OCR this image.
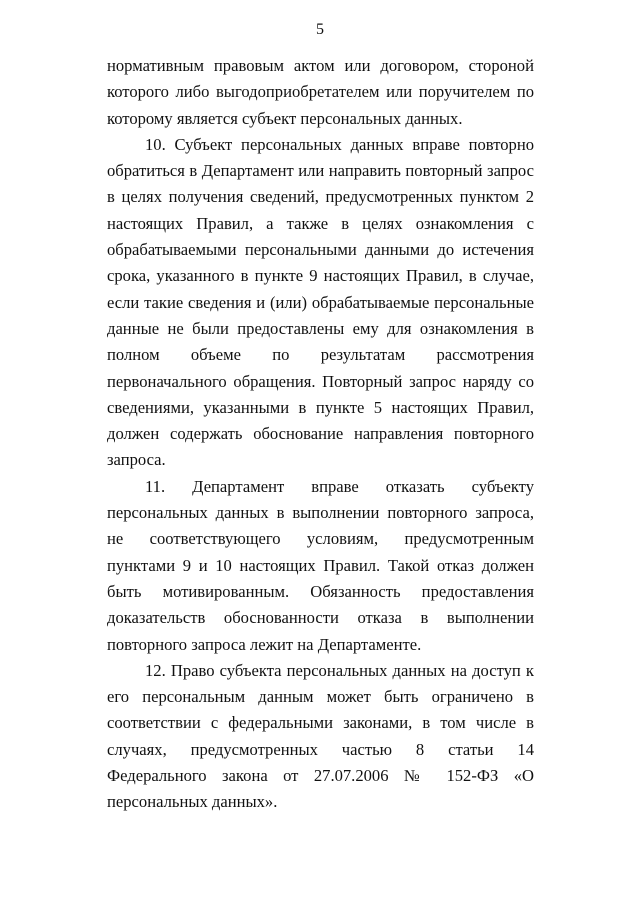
5

нормативным правовым актом или договором, стороной которого либо выгодоприобретателем или поручителем по которому является субъект персональных данных.

10. Субъект персональных данных вправе повторно обратиться в Департамент или направить повторный запрос в целях получения сведений, предусмотренных пунктом 2 настоящих Правил, а также в целях ознакомления с обрабатываемыми персональными данными до истечения срока, указанного в пункте 9 настоящих Правил, в случае, если такие сведения и (или) обрабатываемые персональные данные не были предоставлены ему для ознакомления в полном объеме по результатам рассмотрения первоначального обращения. Повторный запрос наряду со сведениями, указанными в пункте 5 настоящих Правил, должен содержать обоснование направления повторного запроса.

11. Департамент вправе отказать субъекту персональных данных в выполнении повторного запроса, не соответствующего условиям, предусмотренным пунктами 9 и 10 настоящих Правил. Такой отказ должен быть мотивированным. Обязанность предоставления доказательств обоснованности отказа в выполнении повторного запроса лежит на Департаменте.

12. Право субъекта персональных данных на доступ к его персональным данным может быть ограничено в соответствии с федеральными законами, в том числе в случаях, предусмотренных частью 8 статьи 14 Федерального закона от 27.07.2006 № 152-ФЗ «О персональных данных».
